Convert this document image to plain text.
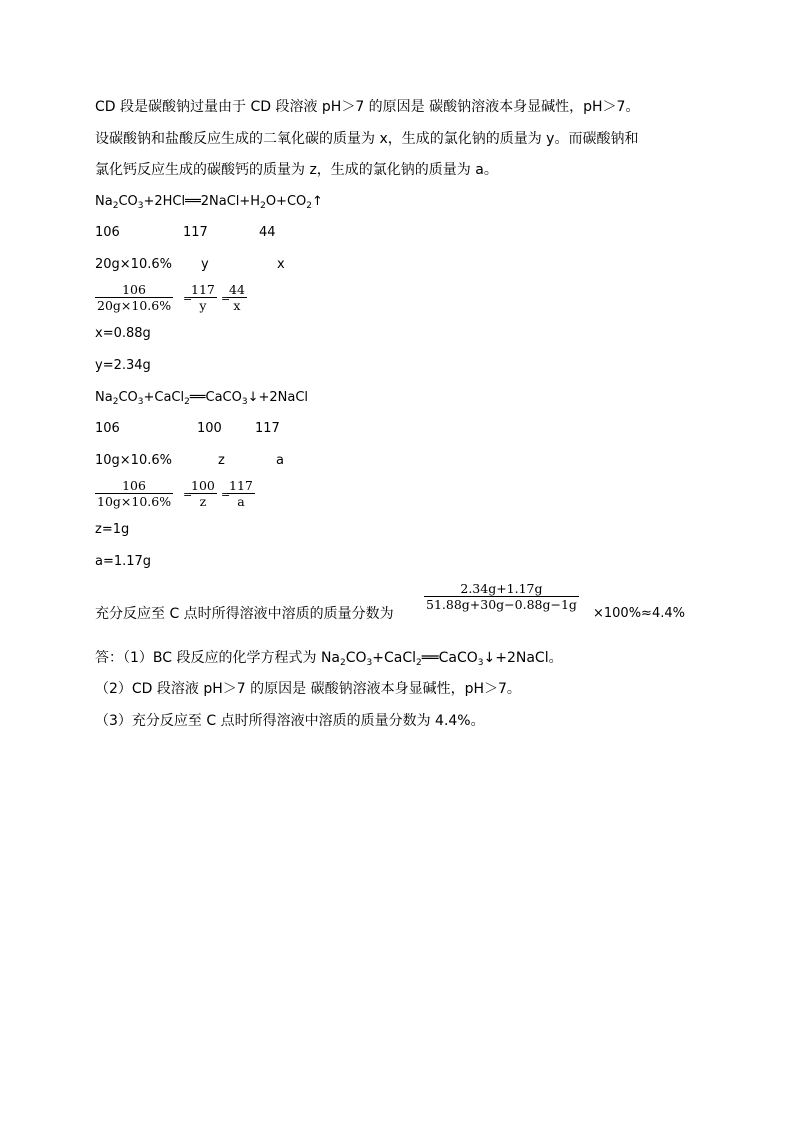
CD 段是碳酸钠过量由于 CD 段溶液 pH＞7 的原因是 碳酸钠溶液本身显碱性，pH＞7。
设碳酸钠和盐酸反应生成的二氧化碳的质量为 x，生成的氯化钠的质量为 y。而碳酸钠和
氯化钙反应生成的碳酸钙的质量为 z，生成的氯化钠的质量为 a。
$Na_2CO_3+2HCl══2NaCl+H_2O+CO_2↑$
106	117	44
20g×10.6% y	x
$\frac{106}{20g\times 10.6\%}$ =
$\frac{117}{y}$ =
$\frac{44}{x}$
x=0.88g
y=2.34g
$Na_2CO_3+CaCl_2══CaCO_3↓+2NaCl$
106	100	117
10g×10.6%	z	a
$\frac{106}{10g\times 10.6\%}$ =
$\frac{100}{z}$ =
$\frac{117}{a}$
z=1g
a=1.17g
充分反应至 C 点时所得溶液中溶质的质量分数为
$\frac{2.34g+1.17g}{51.88g+30g-0.88g-1g}$
×100%≈4.4%
答：（1）BC 段反应的化学方程式为 $Na_2CO_3+CaCl_2══CaCO_3↓+2NaCl$。
（2）CD 段溶液 pH＞7 的原因是 碳酸钠溶液本身显碱性，pH＞7。
（3）充分反应至 C 点时所得溶液中溶质的质量分数为 4.4%。
